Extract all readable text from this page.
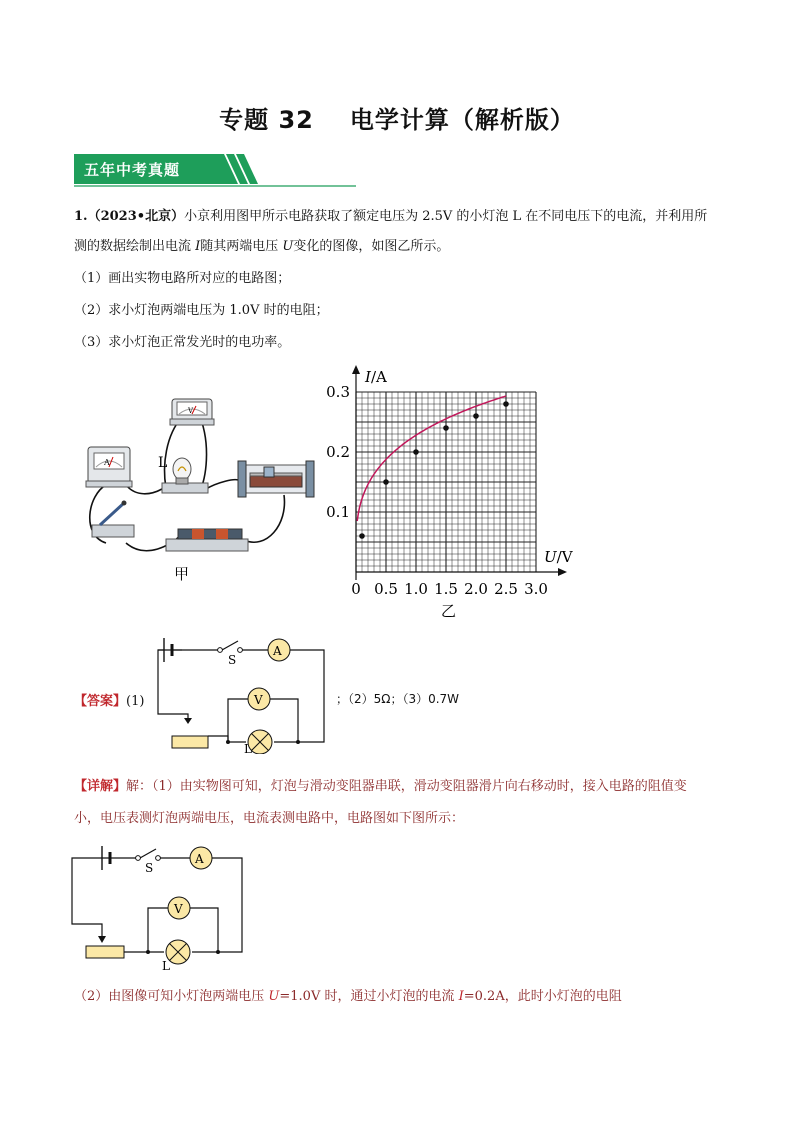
专题 32 电学计算（解析版）
五年中考真题
1.（2023•北京）小京利用图甲所示电路获取了额定电压为 2.5V 的小灯泡 L 在不同电压下的电流，并利用所
测的数据绘制出电流 I随其两端电压 U变化的图像，如图乙所示。
（1）画出实物电路所对应的电路图；
（2）求小灯泡两端电压为 1.0V 时的电阻；
（3）求小灯泡正常发光时的电功率。
A
V
L
甲
0 0.5 1.0 1.5 2.0 2.5 3.0
0.1
0.2
0.3
I/A
U/V
乙
【答案】(1)
A
V
S
L
；（2）5Ω；（3）0.7W
【详解】解：（1）由实物图可知，灯泡与滑动变阻器串联，滑动变阻器滑片向右移动时，接入电路的阻值变
小，电压表测灯泡两端电压，电流表测电路中，电路图如下图所示：
A
V
S
L
（2）由图像可知小灯泡两端电压 U=1.0V 时，通过小灯泡的电流 I=0.2A，此时小灯泡的电阻
